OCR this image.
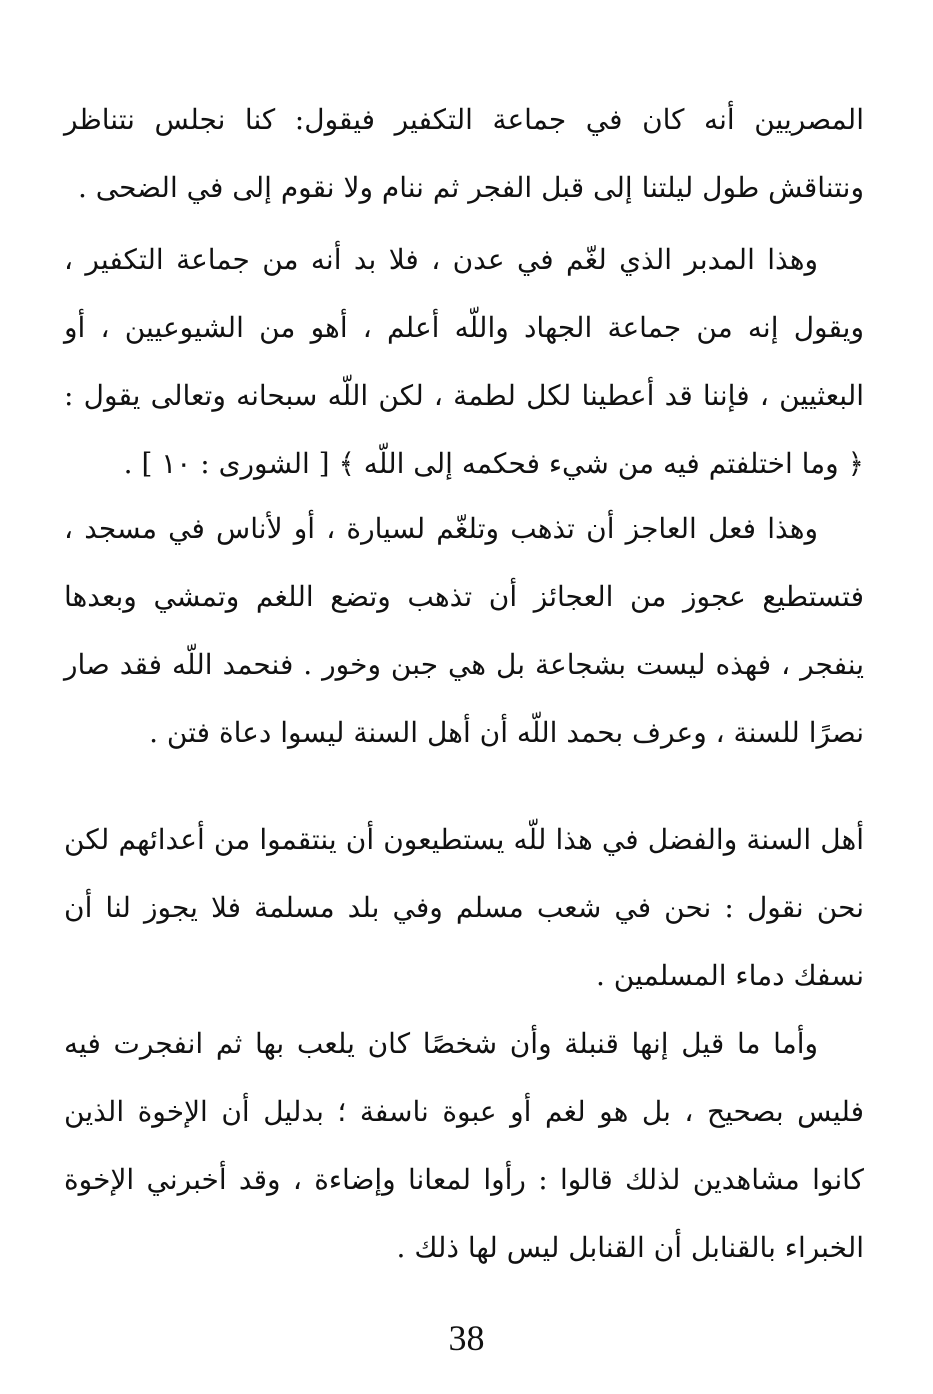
المصريين أنه كان في جماعة التكفير فيقول: كنا نجلس نتناظر ونتناقش طول ليلتنا إلى قبل الفجر ثم ننام ولا نقوم إلى في الضحى .

وهذا المدبر الذي لغّم في عدن ، فلا بد أنه من جماعة التكفير ، ويقول إنه من جماعة الجهاد واللّه أعلم ، أهو من الشيوعيين ، أو البعثيين ، فإننا قد أعطينا لكل لطمة ، لكن اللّه سبحانه وتعالى يقول : ﴿ وما اختلفتم فيه من شيء فحكمه إلى اللّه ﴾ [ الشورى : ١٠ ] .

وهذا فعل العاجز أن تذهب وتلغّم لسيارة ، أو لأناس في مسجد ، فتستطيع عجوز من العجائز أن تذهب وتضع اللغم وتمشي وبعدها ينفجر ، فهذه ليست بشجاعة بل هي جبن وخور . فنحمد اللّه فقد صار نصرًا للسنة ، وعرف بحمد اللّه أن أهل السنة ليسوا دعاة فتن .

أهل السنة والفضل في هذا للّه يستطيعون أن ينتقموا من أعدائهم لكن نحن نقول : نحن في شعب مسلم وفي بلد مسلمة فلا يجوز لنا أن نسفك دماء المسلمين .

وأما ما قيل إنها قنبلة وأن شخصًا كان يلعب بها ثم انفجرت فيه فليس بصحيح ، بل هو لغم أو عبوة ناسفة ؛ بدليل أن الإخوة الذين كانوا مشاهدين لذلك قالوا : رأوا لمعانا وإضاءة ، وقد أخبرني الإخوة الخبراء بالقنابل أن القنابل ليس لها ذلك .

38
